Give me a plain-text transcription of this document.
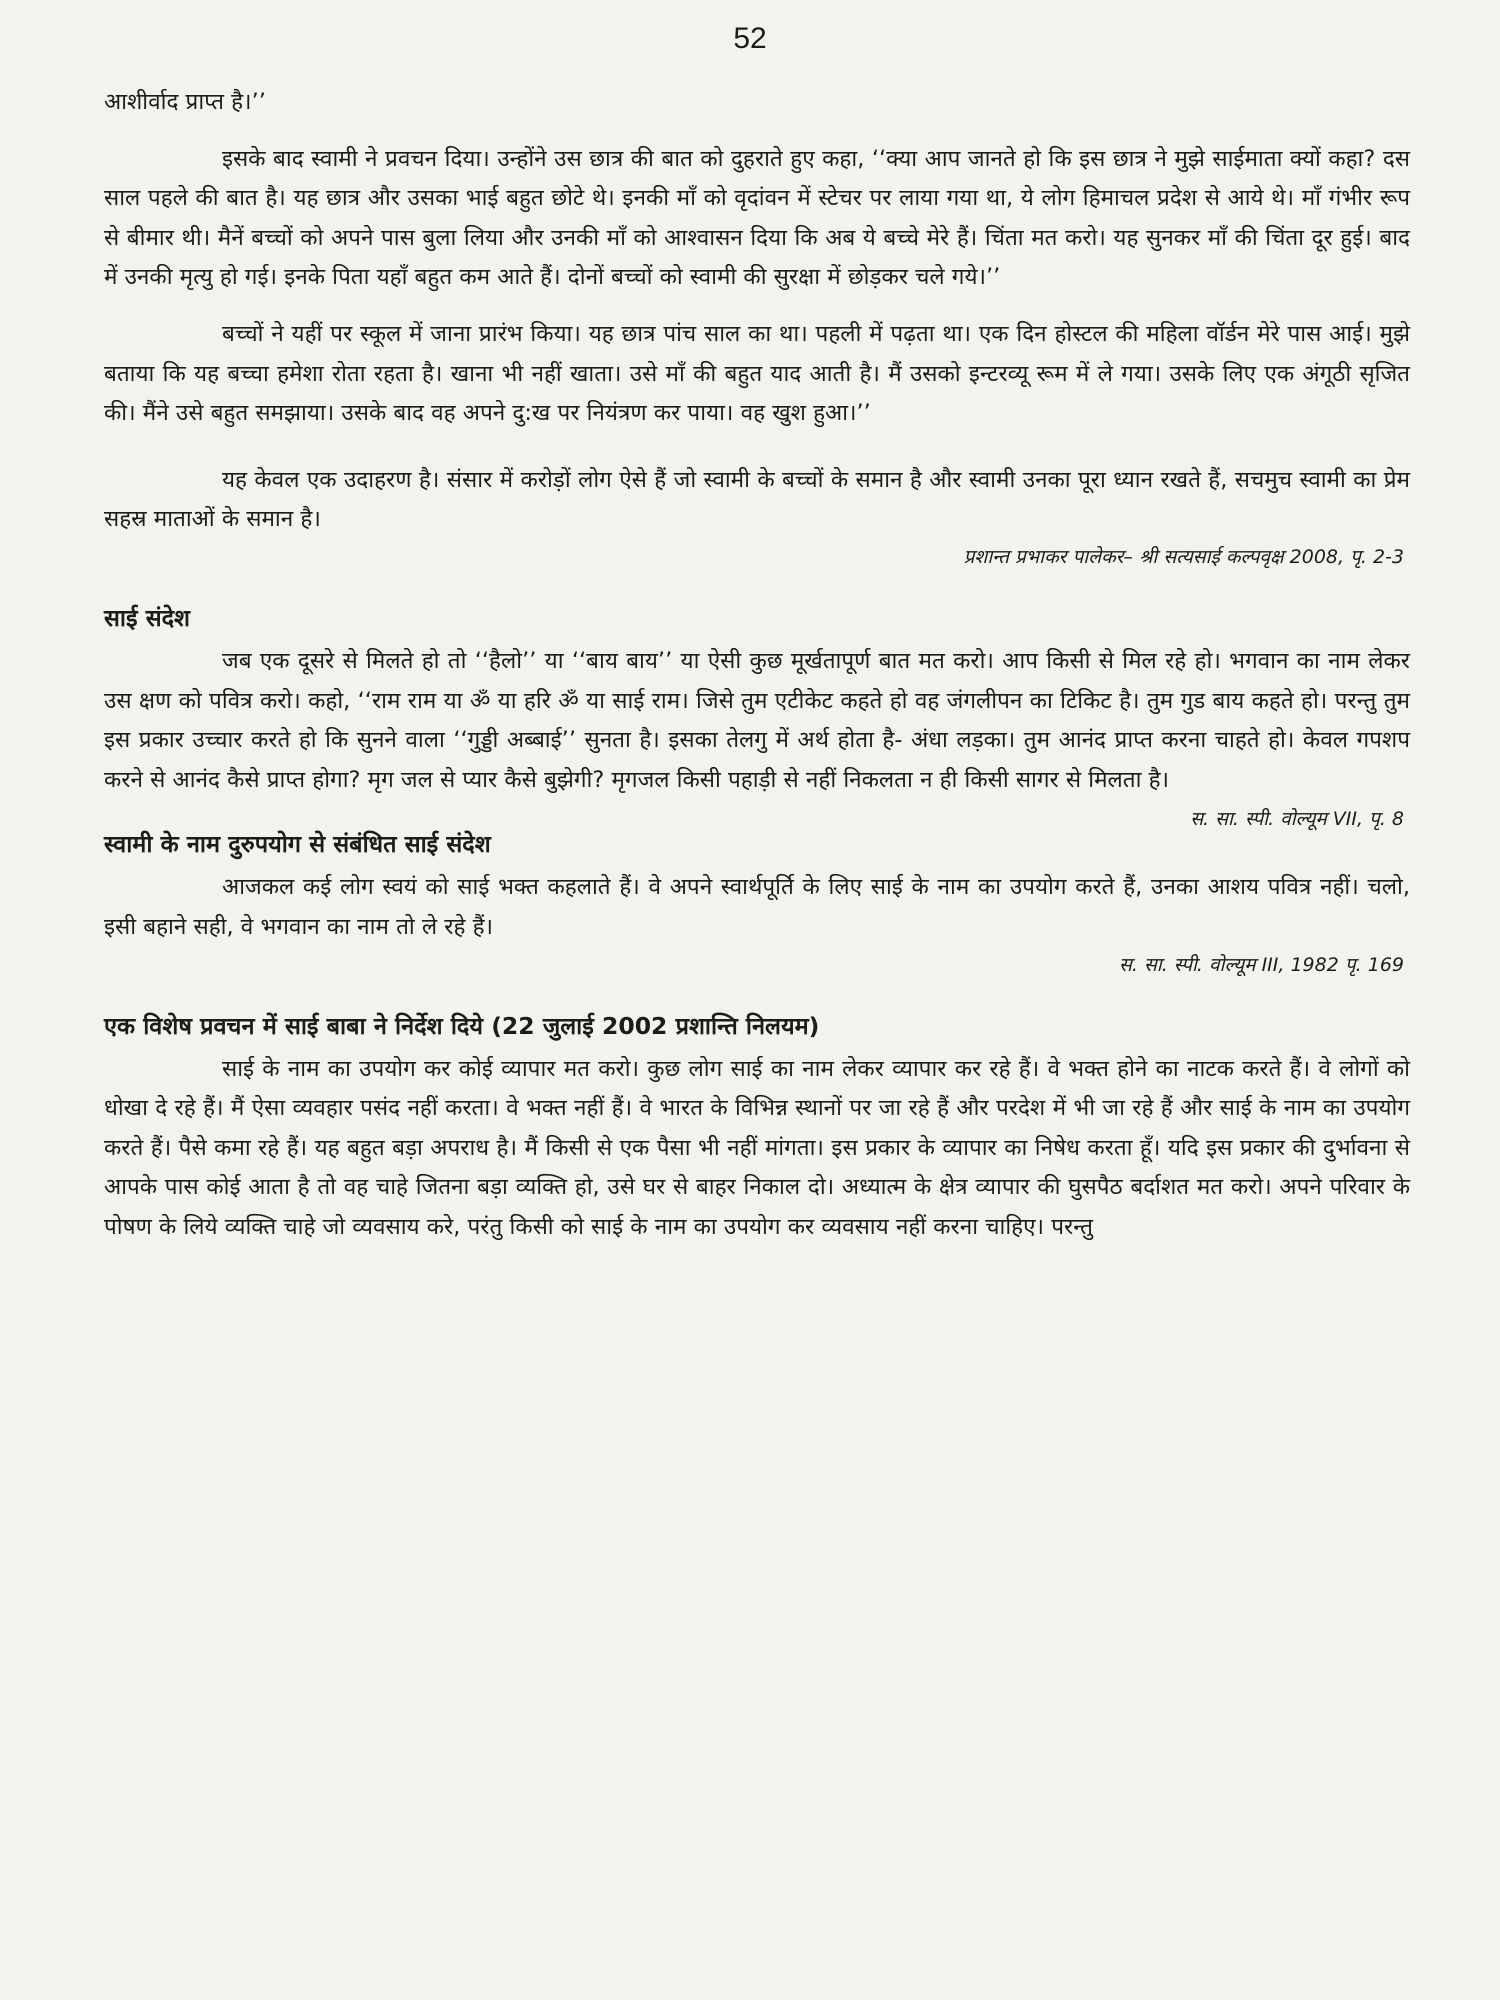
52

आशीर्वाद प्राप्त है।’’

इसके बाद स्वामी ने प्रवचन दिया। उन्होंने उस छात्र की बात को दुहराते हुए कहा, ‘‘क्या आप जानते हो कि इस छात्र ने मुझे साईमाता क्यों कहा? दस साल पहले की बात है। यह छात्र और उसका भाई बहुत छोटे थे। इनकी माँ को वृदांवन में स्टेचर पर लाया गया था, ये लोग हिमाचल प्रदेश से आये थे। माँ गंभीर रूप से बीमार थी। मैनें बच्चों को अपने पास बुला लिया और उनकी माँ को आश्वासन दिया कि अब ये बच्चे मेरे हैं। चिंता मत करो। यह सुनकर माँ की चिंता दूर हुई। बाद में उनकी मृत्यु हो गई। इनके पिता यहाँ बहुत कम आते हैं। दोनों बच्चों को स्वामी की सुरक्षा में छोड़कर चले गये।’’

बच्चों ने यहीं पर स्कूल में जाना प्रारंभ किया। यह छात्र पांच साल का था। पहली में पढ़ता था। एक दिन होस्टल की महिला वॉर्डन मेरे पास आई। मुझे बताया कि यह बच्चा हमेशा रोता रहता है। खाना भी नहीं खाता। उसे माँ की बहुत याद आती है। मैं उसको इन्टरव्यू रूम में ले गया। उसके लिए एक अंगूठी सृजित की। मैंने उसे बहुत समझाया। उसके बाद वह अपने दु:ख पर नियंत्रण कर पाया। वह खुश हुआ।’’

यह केवल एक उदाहरण है। संसार में करोड़ों लोग ऐसे हैं जो स्वामी के बच्चों के समान है और स्वामी उनका पूरा ध्यान रखते हैं, सचमुच स्वामी का प्रेम सहस्र माताओं के समान है।

प्रशान्त प्रभाकर पालेकर– श्री सत्यसाई कल्पवृक्ष 2008, पृ. 2-3

साई संदेश

जब एक दूसरे से मिलते हो तो ‘‘हैलो’’ या ‘‘बाय बाय’’ या ऐसी कुछ मूर्खतापूर्ण बात मत करो। आप किसी से मिल रहे हो। भगवान का नाम लेकर उस क्षण को पवित्र करो। कहो, ‘‘राम राम या ॐ या हरि ॐ या साई राम। जिसे तुम एटीकेट कहते हो वह जंगलीपन का टिकिट है। तुम गुड बाय कहते हो। परन्तु तुम इस प्रकार उच्चार करते हो कि सुनने वाला ‘‘गुड्डी अब्बाई’’ सुनता है। इसका तेलगु में अर्थ होता है- अंधा लड़का। तुम आनंद प्राप्त करना चाहते हो। केवल गपशप करने से आनंद कैसे प्राप्त होगा? मृग जल से प्यार कैसे बुझेगी? मृगजल किसी पहाड़ी से नहीं निकलता न ही किसी सागर से मिलता है।
स. सा. स्पी. वोल्यूम VII, पृ. 8

स्वामी के नाम दुरुपयोग से संबंधित साई संदेश

आजकल कई लोग स्वयं को साई भक्त कहलाते हैं। वे अपने स्वार्थपूर्ति के लिए साई के नाम का उपयोग करते हैं, उनका आशय पवित्र नहीं। चलो, इसी बहाने सही, वे भगवान का नाम तो ले रहे हैं।

स. सा. स्पी. वोल्यूम III, 1982 पृ. 169

एक विशेष प्रवचन में साई बाबा ने निर्देश दिये (22 जुलाई 2002 प्रशान्ति निलयम)

साई के नाम का उपयोग कर कोई व्यापार मत करो। कुछ लोग साई का नाम लेकर व्यापार कर रहे हैं। वे भक्त होने का नाटक करते हैं। वे लोगों को धोखा दे रहे हैं। मैं ऐसा व्यवहार पसंद नहीं करता। वे भक्त नहीं हैं। वे भारत के विभिन्न स्थानों पर जा रहे हैं और परदेश में भी जा रहे हैं और साई के नाम का उपयोग करते हैं। पैसे कमा रहे हैं। यह बहुत बड़ा अपराध है। मैं किसी से एक पैसा भी नहीं मांगता। इस प्रकार के व्यापार का निषेध करता हूँ। यदि इस प्रकार की दुर्भावना से आपके पास कोई आता है तो वह चाहे जितना बड़ा व्यक्ति हो, उसे घर से बाहर निकाल दो। अध्यात्म के क्षेत्र व्यापार की घुसपैठ बर्दाशत मत करो। अपने परिवार के पोषण के लिये व्यक्ति चाहे जो व्यवसाय करे, परंतु किसी को साई के नाम का उपयोग कर व्यवसाय नहीं करना चाहिए। परन्तु
